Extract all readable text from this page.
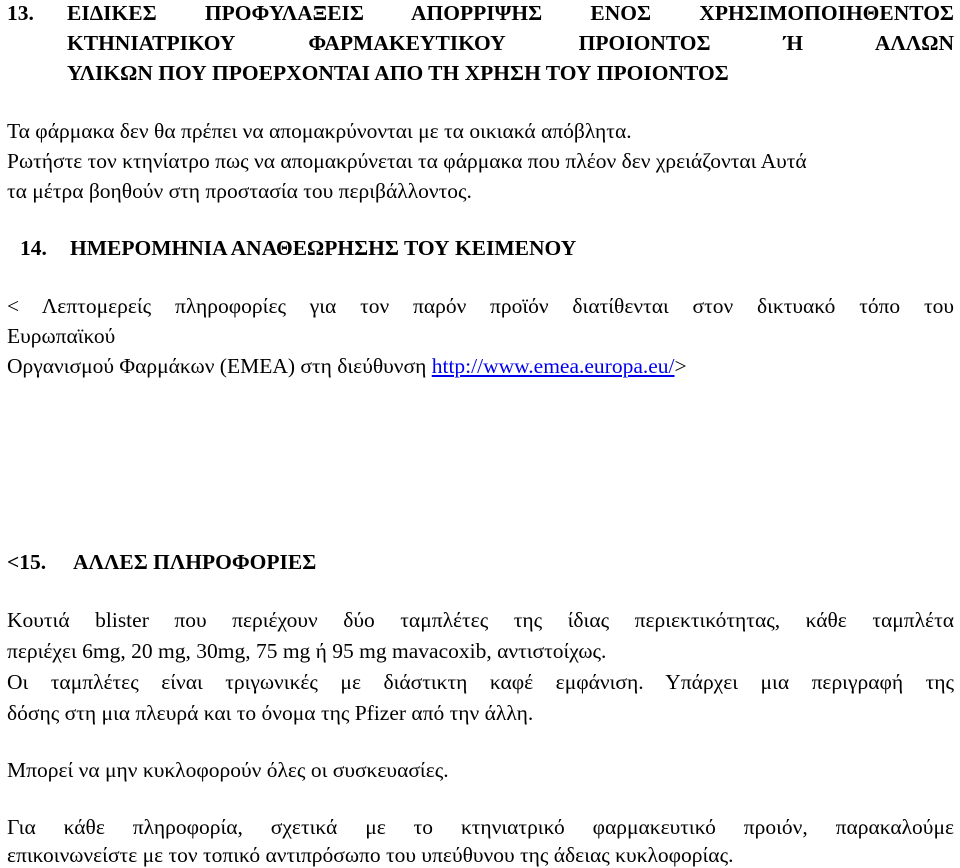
13. ΕΙΔΙΚΕΣ ΠΡΟΦΥΛΑΞΕΙΣ ΑΠΟΡΡΙΨΗΣ ΕΝΟΣ ΧΡΗΣΙΜΟΠΟΙΗΘΕΝΤΟΣ
ΚΤΗΝΙΑΤΡΙΚΟΥ ΦΑΡΜΑΚΕΥΤΙΚΟΥ ΠΡΟΙΟΝΤΟΣ Ή ΑΛΛΩΝ
ΥΛΙΚΩΝ ΠΟΥ ΠΡΟΕΡΧΟΝΤΑΙ ΑΠΟ ΤΗ ΧΡΗΣΗ ΤΟΥ ΠΡΟΙΟΝΤΟΣ
Τα φάρμακα δεν θα πρέπει να απομακρύνονται με τα οικιακά απόβλητα.
Ρωτήστε τον κτηνίατρο πως να απομακρύνεται τα φάρμακα που πλέον δεν χρειάζονται Αυτά
τα μέτρα βοηθούν στη προστασία του περιβάλλοντος.
14. ΗΜΕΡΟΜΗΝΙΑ ΑΝΑΘΕΩΡΗΣΗΣ ΤΟΥ ΚΕΙΜΕΝΟΥ
< Λεπτομερείς πληροφορίες για τον παρόν προϊόν διατίθενται στον δικτυακό τόπο του
Ευρωπαϊκού
Οργανισμού Φαρμάκων (ΕΜΕΑ) στη διεύθυνση http://www.emea.europa.eu/>
<15. ΑΛΛΕΣ ΠΛΗΡΟΦΟΡΙΕΣ
Κουτιά blister που περιέχουν δύο ταμπλέτες της ίδιας περιεκτικότητας, κάθε ταμπλέτα
περιέχει 6mg, 20 mg, 30mg, 75 mg ή 95 mg mavacoxib, αντιστοίχως.
Οι ταμπλέτες είναι τριγωνικές με διάστικτη καφέ εμφάνιση. Υπάρχει μια περιγραφή της
δόσης στη μια πλευρά και το όνομα της Pfizer από την άλλη.
Μπορεί να μην κυκλοφορούν όλες οι συσκευασίες.
Για κάθε πληροφορία, σχετικά με το κτηνιατρικό φαρμακευτικό προιόν, παρακαλούμε
επικοινωνείστε με τον τοπικό αντιπρόσωπο του υπεύθυνου της άδειας κυκλοφορίας.
